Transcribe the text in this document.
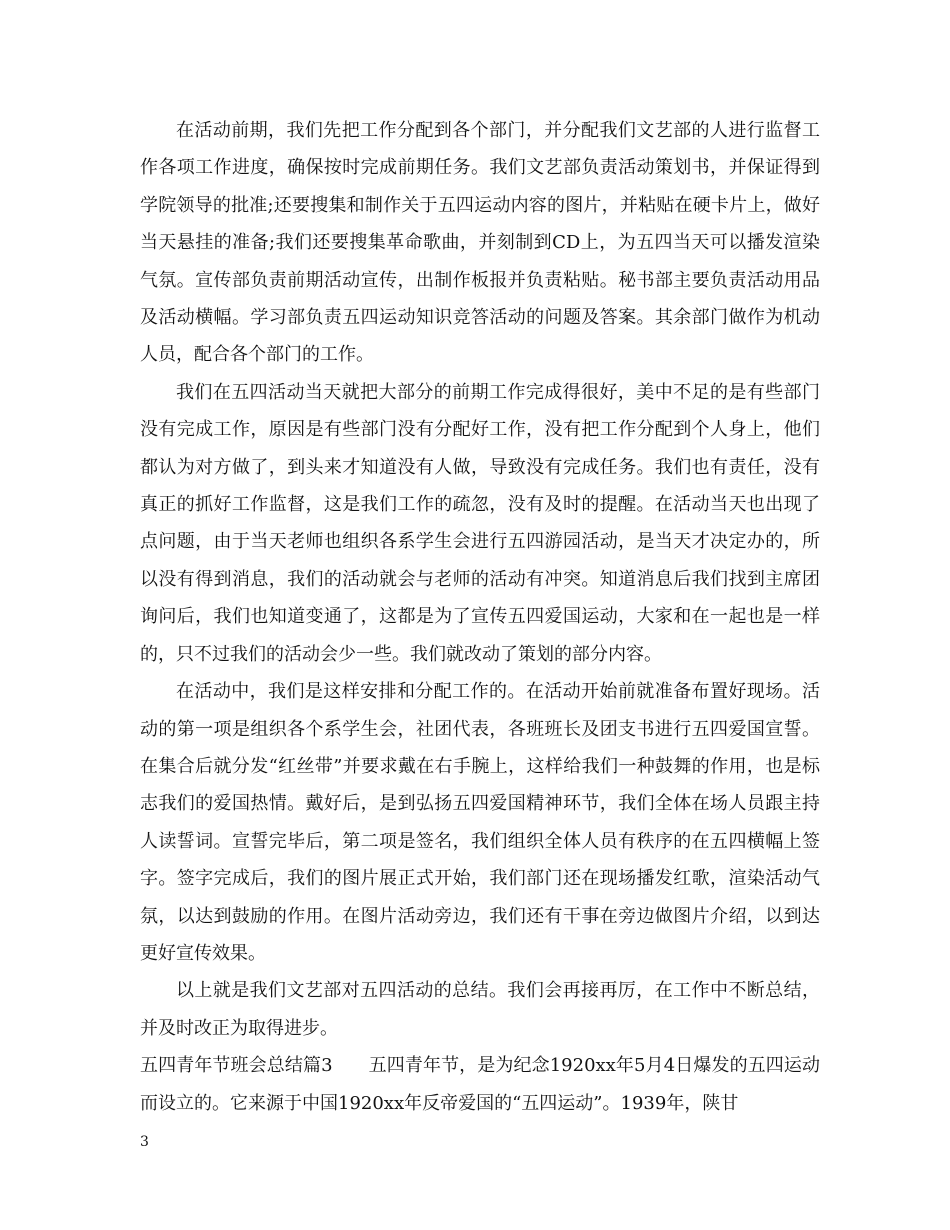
在活动前期，我们先把工作分配到各个部门，并分配我们文艺部的人进行监督工作各项工作进度，确保按时完成前期任务。我们文艺部负责活动策划书，并保证得到学院领导的批准;还要搜集和制作关于五四运动内容的图片，并粘贴在硬卡片上，做好当天悬挂的准备;我们还要搜集革命歌曲，并刻制到CD上，为五四当天可以播发渲染气氛。宣传部负责前期活动宣传，出制作板报并负责粘贴。秘书部主要负责活动用品及活动横幅。学习部负责五四运动知识竞答活动的问题及答案。其余部门做作为机动人员，配合各个部门的工作。

我们在五四活动当天就把大部分的前期工作完成得很好，美中不足的是有些部门没有完成工作，原因是有些部门没有分配好工作，没有把工作分配到个人身上，他们都认为对方做了，到头来才知道没有人做，导致没有完成任务。我们也有责任，没有真正的抓好工作监督，这是我们工作的疏忽，没有及时的提醒。在活动当天也出现了点问题，由于当天老师也组织各系学生会进行五四游园活动，是当天才决定办的，所以没有得到消息，我们的活动就会与老师的活动有冲突。知道消息后我们找到主席团询问后，我们也知道变通了，这都是为了宣传五四爱国运动，大家和在一起也是一样的，只不过我们的活动会少一些。我们就改动了策划的部分内容。

在活动中，我们是这样安排和分配工作的。在活动开始前就准备布置好现场。活动的第一项是组织各个系学生会，社团代表，各班班长及团支书进行五四爱国宣誓。在集合后就分发“红丝带”并要求戴在右手腕上，这样给我们一种鼓舞的作用，也是标志我们的爱国热情。戴好后，是到弘扬五四爱国精神环节，我们全体在场人员跟主持人读誓词。宣誓完毕后，第二项是签名，我们组织全体人员有秩序的在五四横幅上签字。签字完成后，我们的图片展正式开始，我们部门还在现场播发红歌，渲染活动气氛，以达到鼓励的作用。在图片活动旁边，我们还有干事在旁边做图片介绍，以到达更好宣传效果。

以上就是我们文艺部对五四活动的总结。我们会再接再厉，在工作中不断总结，并及时改正为取得进步。

五四青年节班会总结篇3 五四青年节，是为纪念1920xx年5月4日爆发的五四运动而设立的。它来源于中国1920xx年反帝爱国的“五四运动”。1939年，陕甘

3
